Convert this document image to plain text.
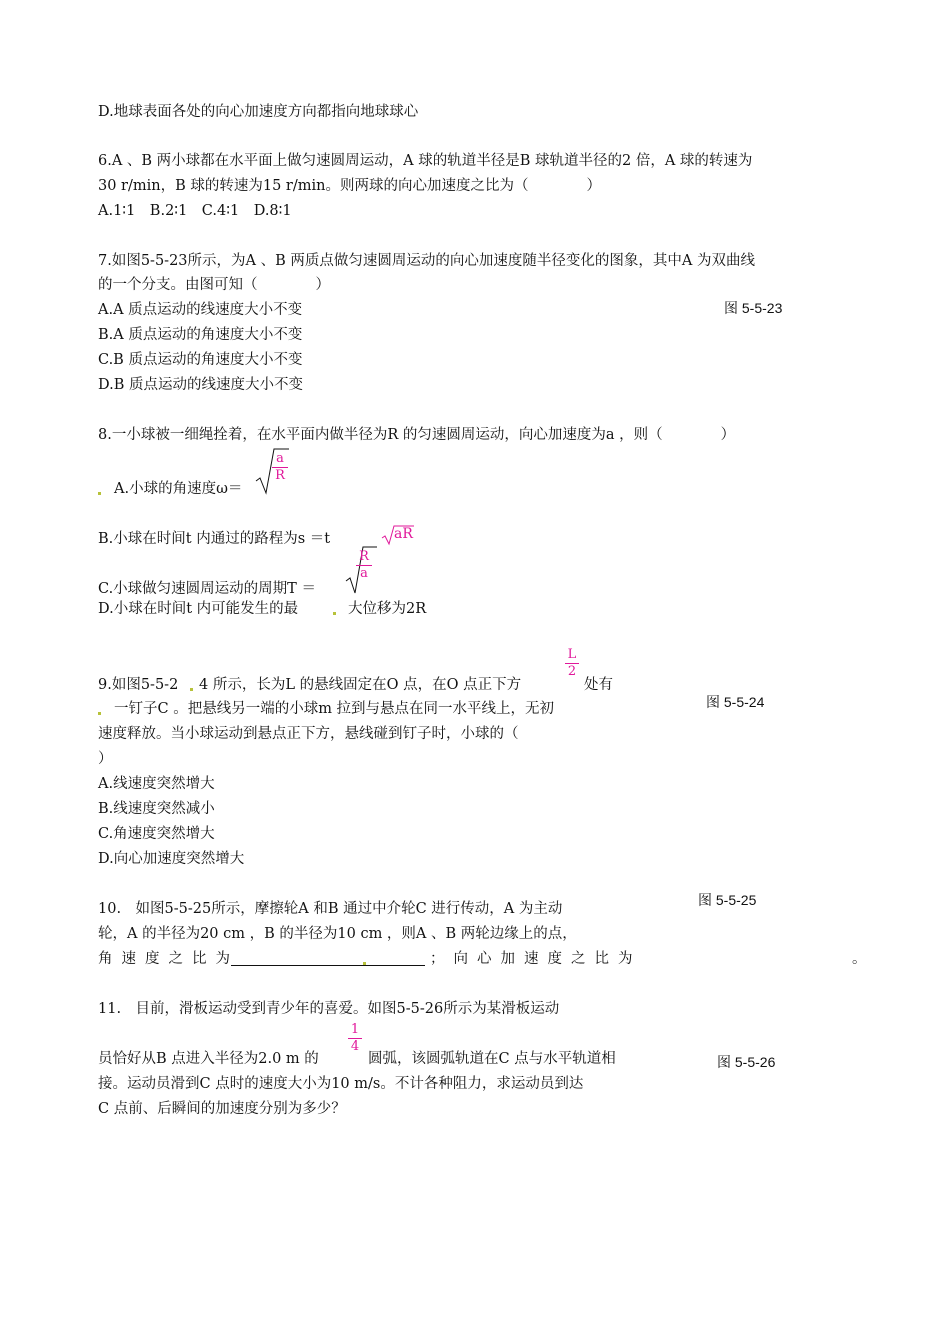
D.地球表面各处的向心加速度方向都指向地球球心
6.A 、B 两小球都在水平面上做匀速圆周运动，A 球的轨道半径是B 球轨道半径的2 倍，A 球的转速为
30 r/min，B 球的转速为15 r/min。则两球的向心加速度之比为（　　　　）
A.1∶1　B.2∶1　C.4∶1　D.8∶1
7.如图5-5-23所示，为A 、B 两质点做匀速圆周运动的向心加速度随半径变化的图象，其中A 为双曲线
的一个分支。由图可知（　　　　）
A.A 质点运动的线速度大小不变
B.A 质点运动的角速度大小不变
C.B 质点运动的角速度大小不变
D.B 质点运动的线速度大小不变
图 5-5-23
8.一小球被一细绳拴着，在水平面内做半径为R 的匀速圆周运动，向心加速度为a ，则（　　　　）
A.小球的角速度ω＝
a
R
B.小球在时间t 内通过的路程为s ＝t	aR
C.小球做匀速圆周运动的周期T ＝
R
a
D.小球在时间t 内可能发生的最	大位移为2R
9.如图5-5-2 4 所示，长为L 的悬线固定在O 点，在O 点正下方
L
2
处有
一钉子C 。把悬线另一端的小球m 拉到与悬点在同一水平线上，无初
速度释放。当小球运动到悬点正下方，悬线碰到钉子时，小球的（
）
A.线速度突然增大
B.线速度突然减小
C.角速度突然增大
D.向心加速度突然增大
图 5-5-24
10.　如图5-5-25所示，摩擦轮A 和B 通过中介轮C 进行传动，A 为主动
轮，A 的半径为20 cm ，B 的半径为10 cm ，则A 、B 两轮边缘上的点，
角速度之比为	；向心加速度之比为	。
图 5-5-25
11.　目前，滑板运动受到青少年的喜爱。如图5-5-26所示为某滑板运动
员恰好从B 点进入半径为2.0 m 的
1
4
圆弧，该圆弧轨道在C 点与水平轨道相
接。运动员滑到C 点时的速度大小为10 m/s。不计各种阻力，求运动员到达
C 点前、后瞬间的加速度分别为多少？
图 5-5-26
